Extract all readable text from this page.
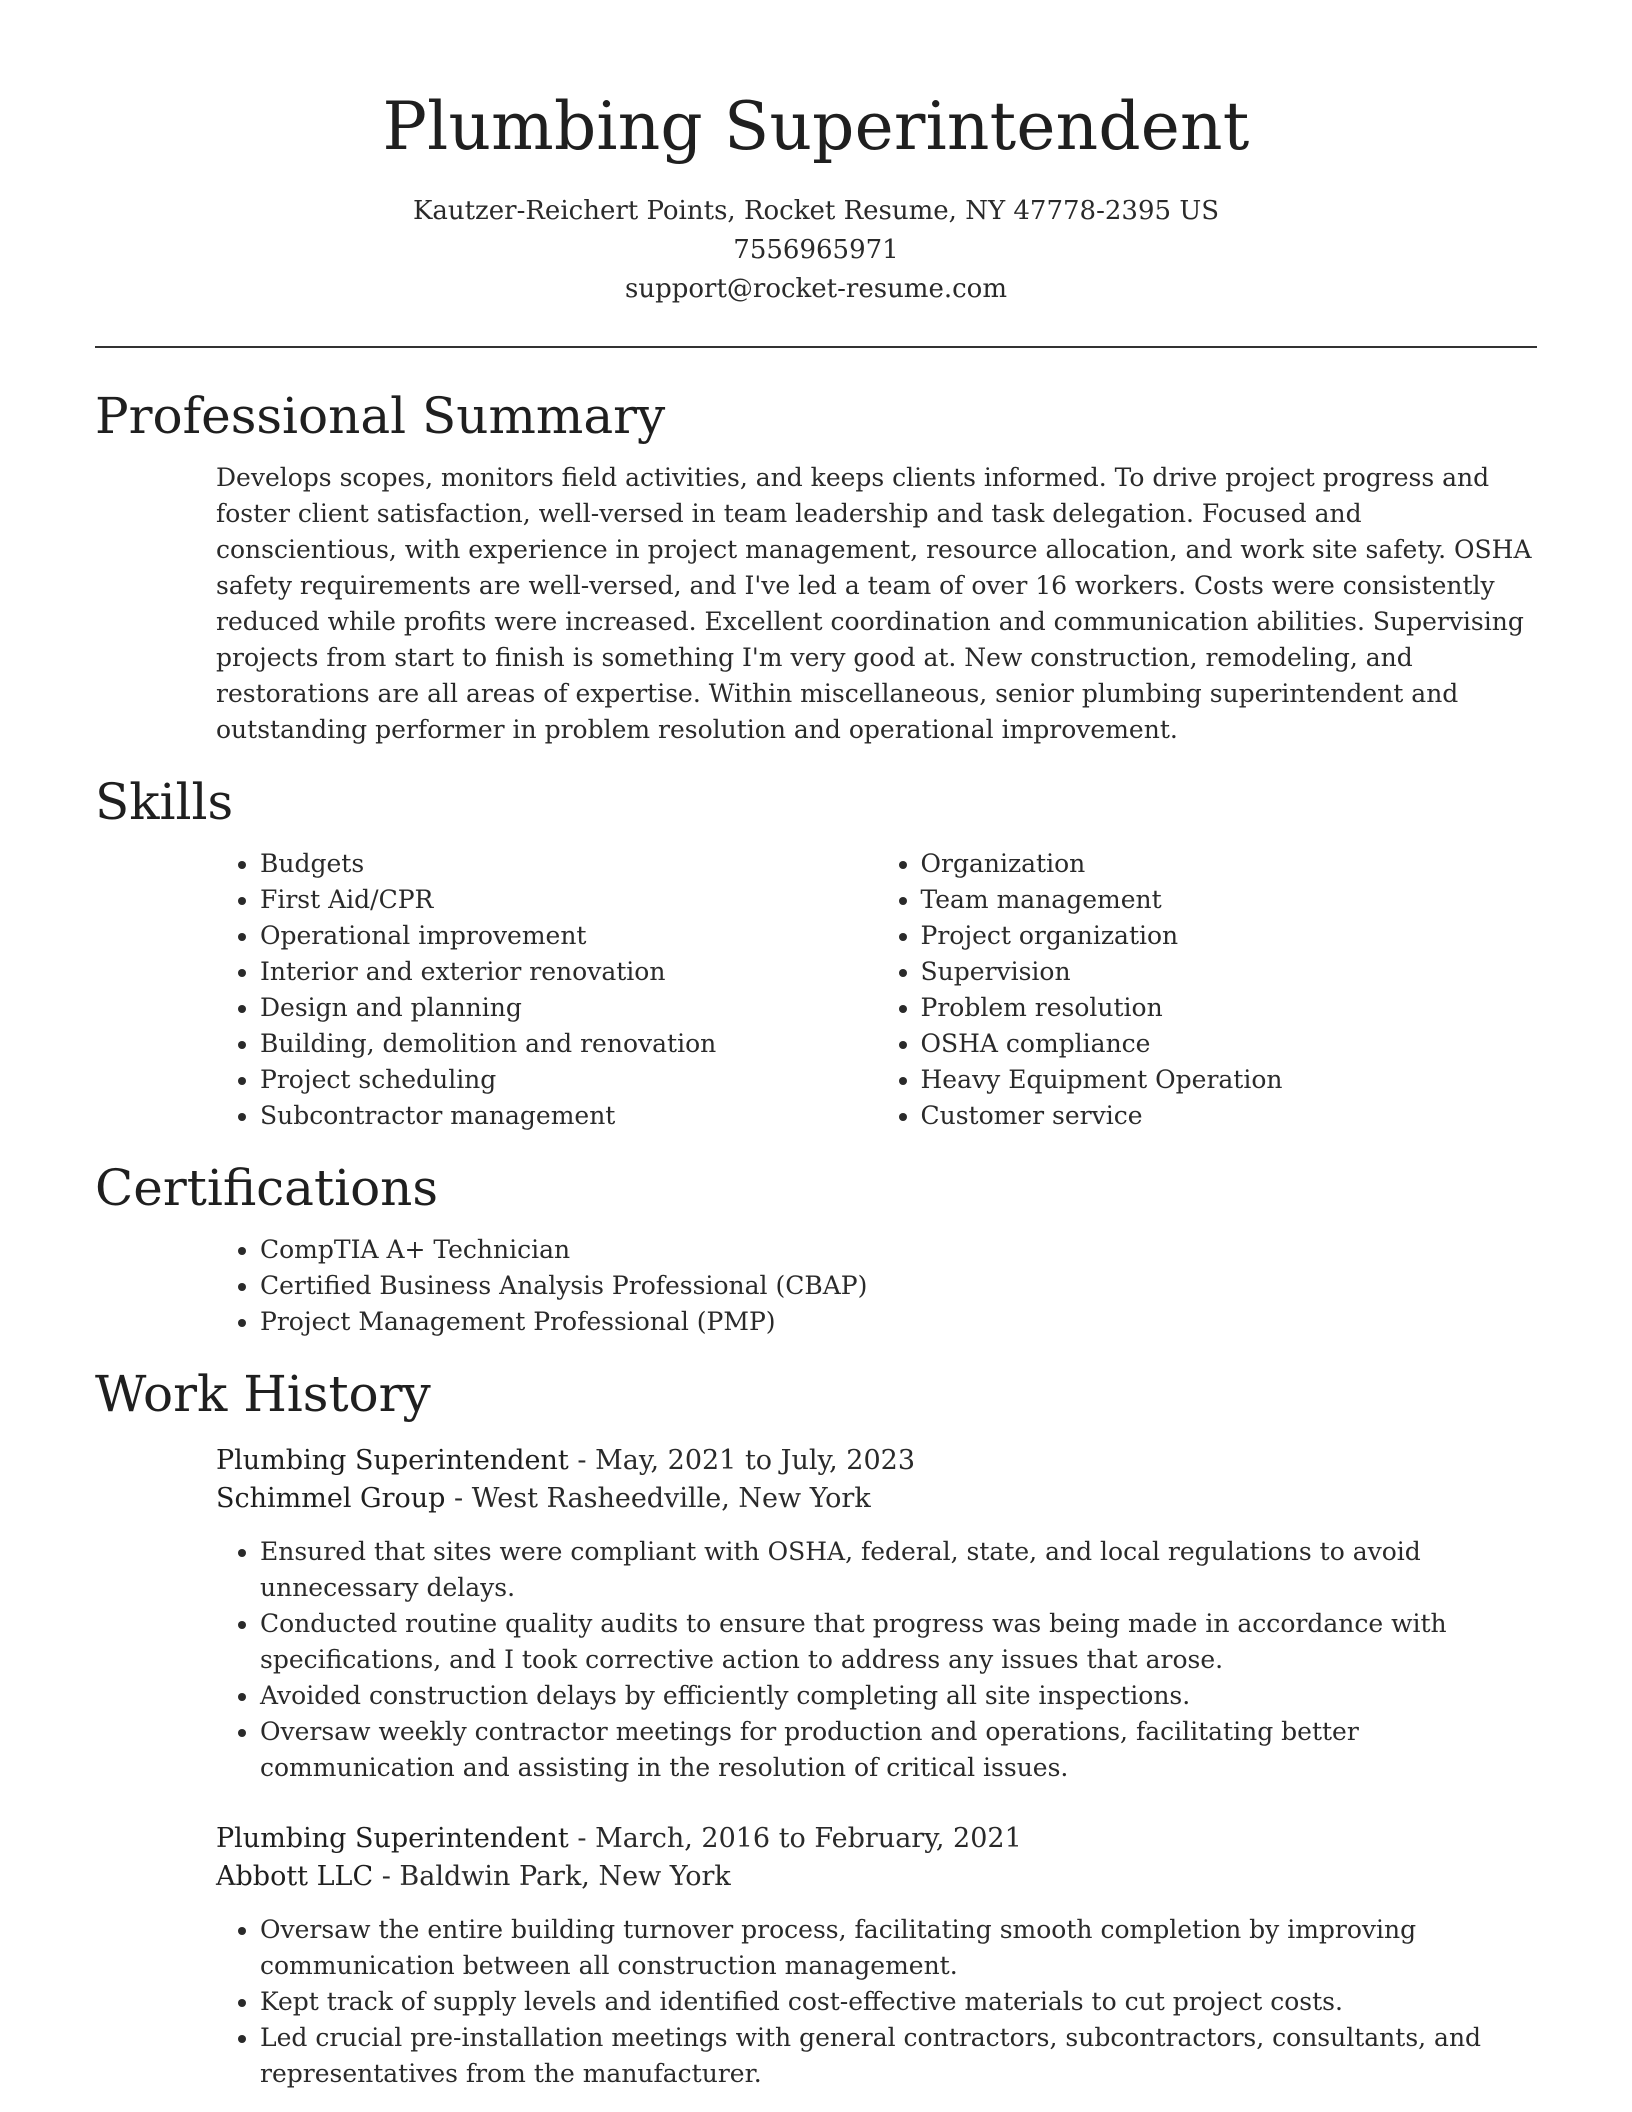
Plumbing Superintendent

Kautzer-Reichert Points, Rocket Resume, NY 47778-2395 US

7556965971

support@rocket-resume.com

Professional Summary

Develops scopes, monitors field activities, and keeps clients informed. To drive project progress and foster client satisfaction, well-versed in team leadership and task delegation. Focused and conscientious, with experience in project management, resource allocation, and work site safety. OSHA safety requirements are well-versed, and I've led a team of over 16 workers. Costs were consistently reduced while profits were increased. Excellent coordination and communication abilities. Supervising projects from start to finish is something I'm very good at. New construction, remodeling, and restorations are all areas of expertise. Within miscellaneous, senior plumbing superintendent and outstanding performer in problem resolution and operational improvement.

Skills
• Budgets
• First Aid/CPR
• Operational improvement
• Interior and exterior renovation
• Design and planning
• Building, demolition and renovation
• Project scheduling
• Subcontractor management
• Organization
• Team management
• Project organization
• Supervision
• Problem resolution
• OSHA compliance
• Heavy Equipment Operation
• Customer service
Certifications
• CompTIA A+ Technician
• Certified Business Analysis Professional (CBAP)
• Project Management Professional (PMP)
Work History

Plumbing Superintendent - May, 2021 to July, 2023

Schimmel Group - West Rasheedville, New York

• Ensured that sites were compliant with OSHA, federal, state, and local regulations to avoid unnecessary delays.
• Conducted routine quality audits to ensure that progress was being made in accordance with specifications, and I took corrective action to address any issues that arose.
• Avoided construction delays by efficiently completing all site inspections.
• Oversaw weekly contractor meetings for production and operations, facilitating better communication and assisting in the resolution of critical issues.

Plumbing Superintendent - March, 2016 to February, 2021

Abbott LLC - Baldwin Park, New York

• Oversaw the entire building turnover process, facilitating smooth completion by improving communication between all construction management.
• Kept track of supply levels and identified cost-effective materials to cut project costs.
• Led crucial pre-installation meetings with general contractors, subcontractors, consultants, and representatives from the manufacturer.
